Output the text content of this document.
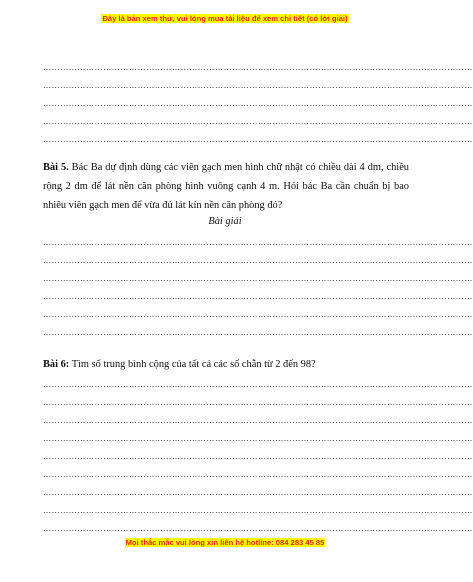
Đây là bản xem thử, vui lòng mua tài liệu để xem chi tiết (có lời giải)
……………………………………………………………………………………………………………………………………
……………………………………………………………………………………………………………………………………
……………………………………………………………………………………………………………………………………
……………………………………………………………………………………………………………………………………
……………………………………………………………………………………………………………………………………
Bài 5. Bác Ba dự định dùng các viên gạch men hình chữ nhật có chiều dài 4 dm, chiều rộng 2 dm để lát nền căn phòng hình vuông cạnh 4 m. Hỏi bác Ba cần chuẩn bị bao nhiêu viên gạch men để vừa đủ lát kín nền căn phòng đó?
Bài giải
……………………………………………………………………………………………………………………………………
……………………………………………………………………………………………………………………………………
……………………………………………………………………………………………………………………………………
……………………………………………………………………………………………………………………………………
……………………………………………………………………………………………………………………………………
……………………………………………………………………………………………………………………………………
Bài 6: Tìm số trung bình cộng của tất cả các số chẵn từ 2 đến 98?
……………………………………………………………………………………………………………………………………
……………………………………………………………………………………………………………………………………
……………………………………………………………………………………………………………………………………
……………………………………………………………………………………………………………………………………
……………………………………………………………………………………………………………………………………
……………………………………………………………………………………………………………………………………
……………………………………………………………………………………………………………………………………
……………………………………………………………………………………………………………………………………
……………………………………………………………………………………………………………………………………
Mọi thắc mắc vui lòng xin liên hệ hotline: 084 283 45 85
